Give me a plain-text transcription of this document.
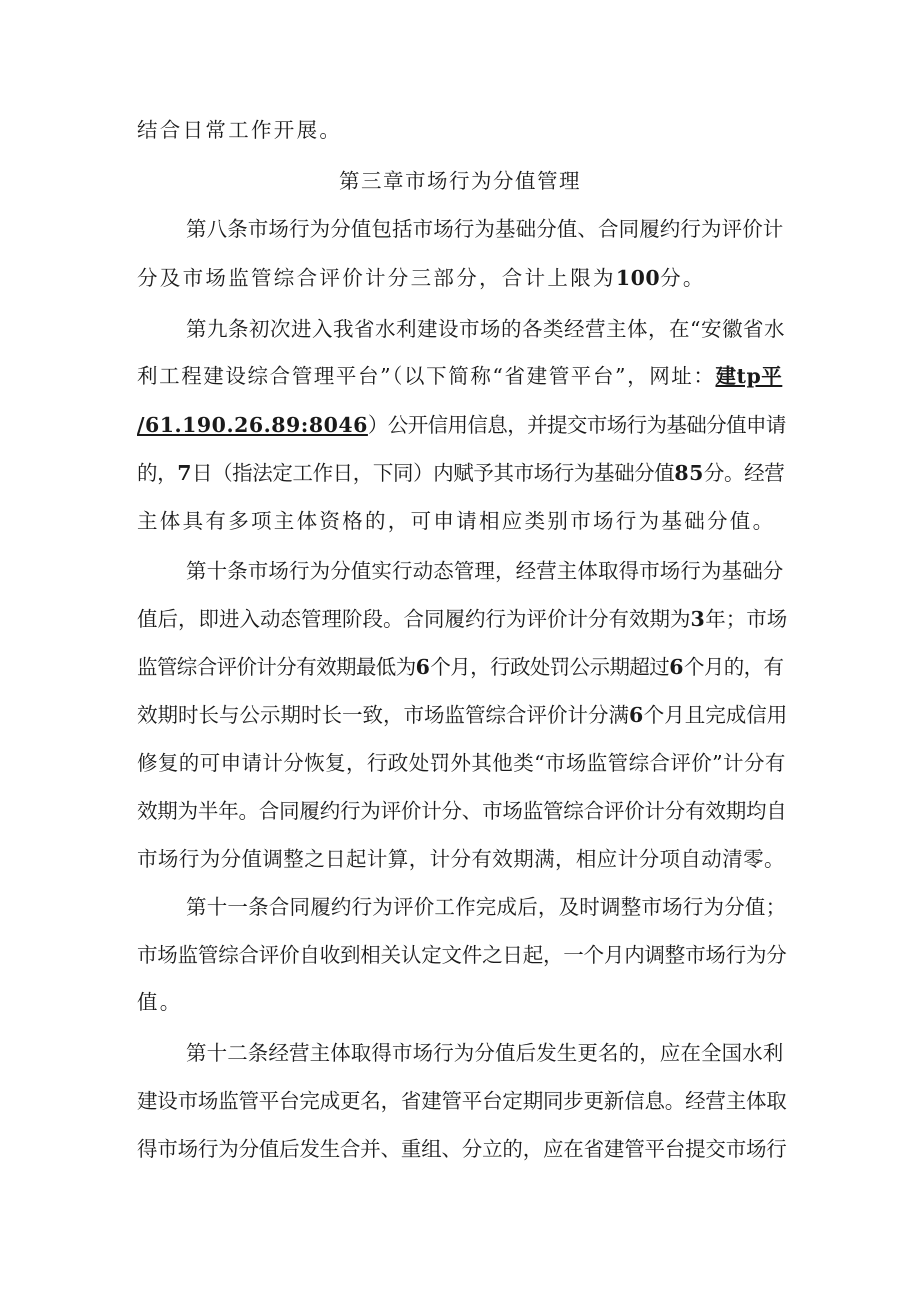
结合日常工作开展。
第三章市场行为分值管理
第八条市场行为分值包括市场行为基础分值、合同履约行为评价计
分及市场监管综合评价计分三部分，合计上限为100分。
第九条初次进入我省水利建设市场的各类经营主体，在“安徽省水
利工程建设综合管理平台”（以下简称“省建管平台”，网址：建tp平
/61.190.26.89:8046）公开信用信息，并提交市场行为基础分值申请
的，7日（指法定工作日，下同）内赋予其市场行为基础分值85分。经营
主体具有多项主体资格的，可申请相应类别市场行为基础分值。
第十条市场行为分值实行动态管理，经营主体取得市场行为基础分
值后，即进入动态管理阶段。合同履约行为评价计分有效期为3年；市场
监管综合评价计分有效期最低为6个月，行政处罚公示期超过6个月的，有
效期时长与公示期时长一致，市场监管综合评价计分满6个月且完成信用
修复的可申请计分恢复，行政处罚外其他类“市场监管综合评价”计分有
效期为半年。合同履约行为评价计分、市场监管综合评价计分有效期均自
市场行为分值调整之日起计算，计分有效期满，相应计分项自动清零。
第十一条合同履约行为评价工作完成后，及时调整市场行为分值；
市场监管综合评价自收到相关认定文件之日起，一个月内调整市场行为分
值。
第十二条经营主体取得市场行为分值后发生更名的，应在全国水利
建设市场监管平台完成更名，省建管平台定期同步更新信息。经营主体取
得市场行为分值后发生合并、重组、分立的，应在省建管平台提交市场行
